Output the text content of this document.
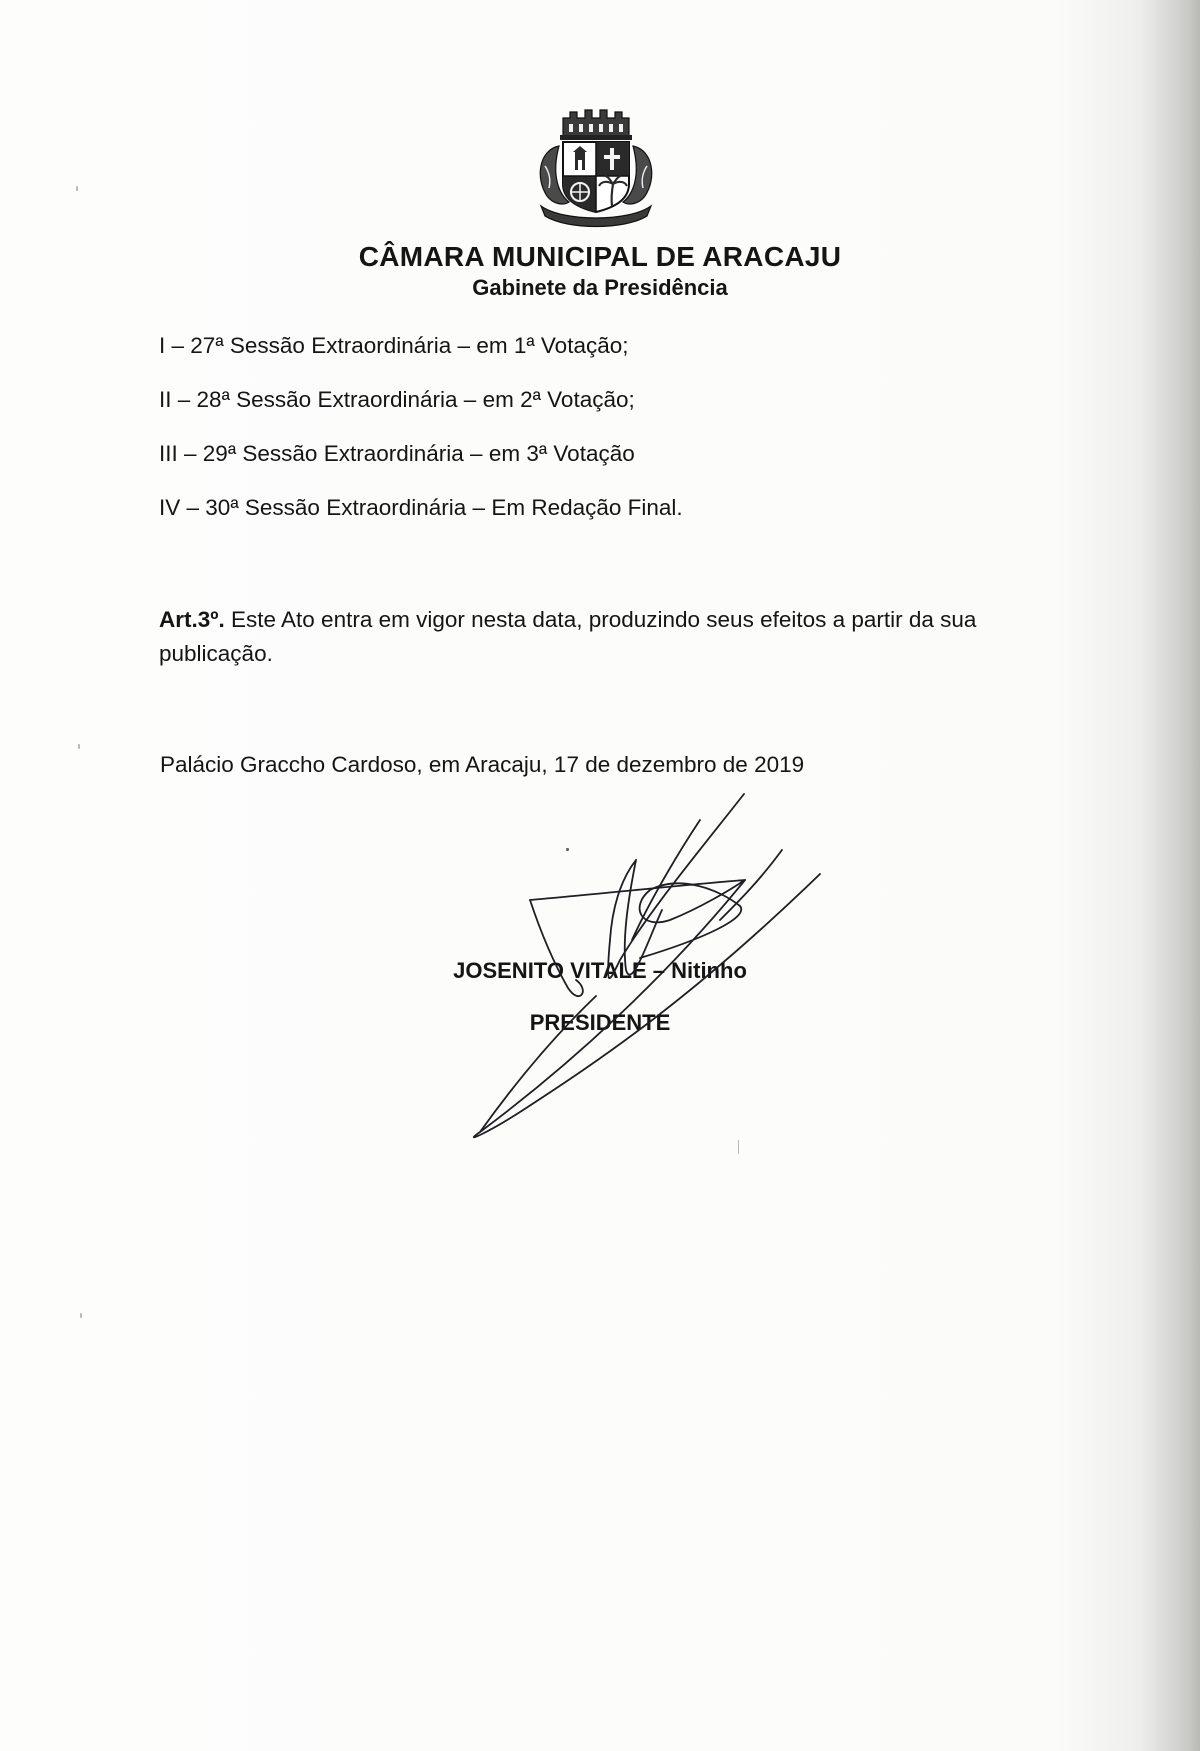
CÂMARA MUNICIPAL DE ARACAJU
Gabinete da Presidência
I – 27ª Sessão Extraordinária – em 1ª Votação;
II – 28ª Sessão Extraordinária – em 2ª Votação;
III – 29ª Sessão Extraordinária – em 3ª Votação
IV – 30ª Sessão Extraordinária – Em Redação Final.

Art.3º. Este Ato entra em vigor nesta data, produzindo seus efeitos a partir da sua publicação.

Palácio Graccho Cardoso, em Aracaju, 17 de dezembro de 2019
JOSENITO VITALE – Nitinho
PRESIDENTE
